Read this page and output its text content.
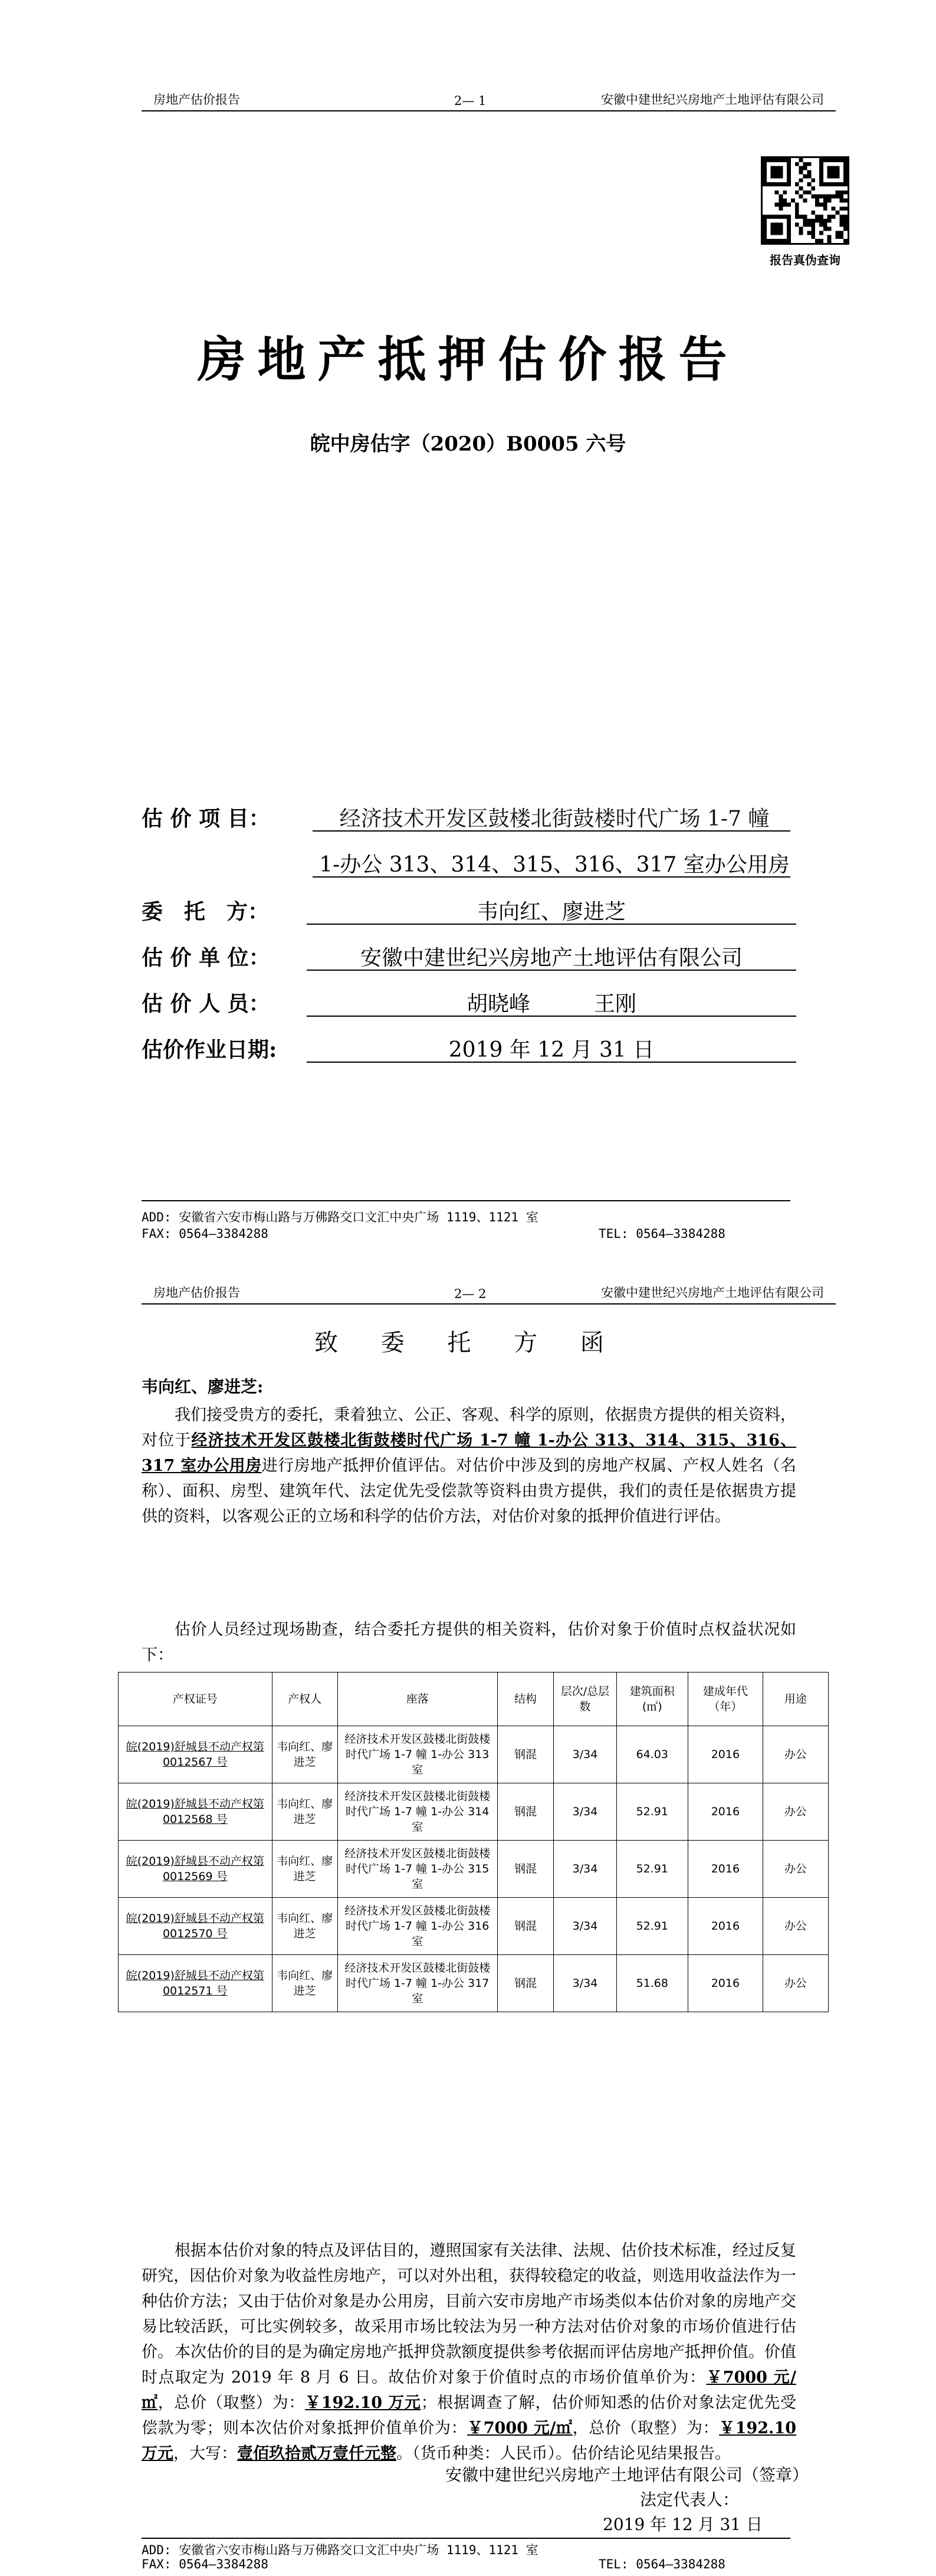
房地产估价报告	2— 1	安徽中建世纪兴房地产土地评估有限公司
报告真伪查询
房地产抵押估价报告
皖中房估字（2020）B0005 六号
估 价 项 目：	经济技术开发区鼓楼北街鼓楼时代广场 1-7 幢
1-办公 313、314、315、316、317 室办公用房
委　托　方：	韦向红、廖进芝
估 价 单 位：	安徽中建世纪兴房地产土地评估有限公司
估 价 人 员：	胡晓峰　　　王刚
估价作业日期:	2019 年 12 月 31 日
ADD: 安徽省六安市梅山路与万佛路交口文汇中央广场 1119、1121 室
FAX: 0564—3384288	TEL: 0564—3384288
房地产估价报告	2— 2	安徽中建世纪兴房地产土地评估有限公司
致 委 托 方 函
韦向红、廖进芝:
我们接受贵方的委托，秉着独立、公正、客观、科学的原则，依据贵方提供的相关资料，对位于经济技术开发区鼓楼北街鼓楼时代广场 1-7 幢 1-办公 313、314、315、316、317 室办公用房进行房地产抵押价值评估。对估价中涉及到的房地产权属、产权人姓名（名称）、面积、房型、建筑年代、法定优先受偿款等资料由贵方提供，我们的责任是依据贵方提供的资料，以客观公正的立场和科学的估价方法，对估价对象的抵押价值进行评估。
估价人员经过现场勘查，结合委托方提供的相关资料，估价对象于价值时点权益状况如下：
产权证号	产权人	座落	结构	层次/总层数	建筑面积(㎡)	建成年代（年）	用途
皖(2019)舒城县不动产权第 0012567 号	韦向红、廖进芝	经济技术开发区鼓楼北街鼓楼时代广场 1-7 幢 1-办公 313 室	钢混	3/34	64.03	2016	办公
皖(2019)舒城县不动产权第 0012568 号	韦向红、廖进芝	经济技术开发区鼓楼北街鼓楼时代广场 1-7 幢 1-办公 314 室	钢混	3/34	52.91	2016	办公
皖(2019)舒城县不动产权第 0012569 号	韦向红、廖进芝	经济技术开发区鼓楼北街鼓楼时代广场 1-7 幢 1-办公 315 室	钢混	3/34	52.91	2016	办公
皖(2019)舒城县不动产权第 0012570 号	韦向红、廖进芝	经济技术开发区鼓楼北街鼓楼时代广场 1-7 幢 1-办公 316 室	钢混	3/34	52.91	2016	办公
皖(2019)舒城县不动产权第 0012571 号	韦向红、廖进芝	经济技术开发区鼓楼北街鼓楼时代广场 1-7 幢 1-办公 317 室	钢混	3/34	51.68	2016	办公
根据本估价对象的特点及评估目的，遵照国家有关法律、法规、估价技术标准，经过反复研究，因估价对象为收益性房地产，可以对外出租，获得较稳定的收益，则选用收益法作为一种估价方法；又由于估价对象是办公用房，目前六安市房地产市场类似本估价对象的房地产交易比较活跃，可比实例较多，故采用市场比较法为另一种方法对估价对象的市场价值进行估价。 本次估价的目的是为确定房地产抵押贷款额度提供参考依据而评估房地产抵押价值。价值时点取定为 2019 年 8 月 6 日。故估价对象于价值时点的市场价值单价为：￥7000 元/㎡，总价（取整）为：￥192.10 万元；根据调查了解，估价师知悉的估价对象法定优先受偿款为零；则本次估价对象抵押价值单价为：￥7000 元/㎡，总价（取整）为：￥192.10 万元，大写：壹佰玖拾贰万壹仟元整。（货币种类：人民币）。估价结论见结果报告。
安徽中建世纪兴房地产土地评估有限公司（签章）
法定代表人：
2019 年 12 月 31 日
ADD: 安徽省六安市梅山路与万佛路交口文汇中央广场 1119、1121 室
FAX: 0564—3384288	TEL: 0564—3384288
